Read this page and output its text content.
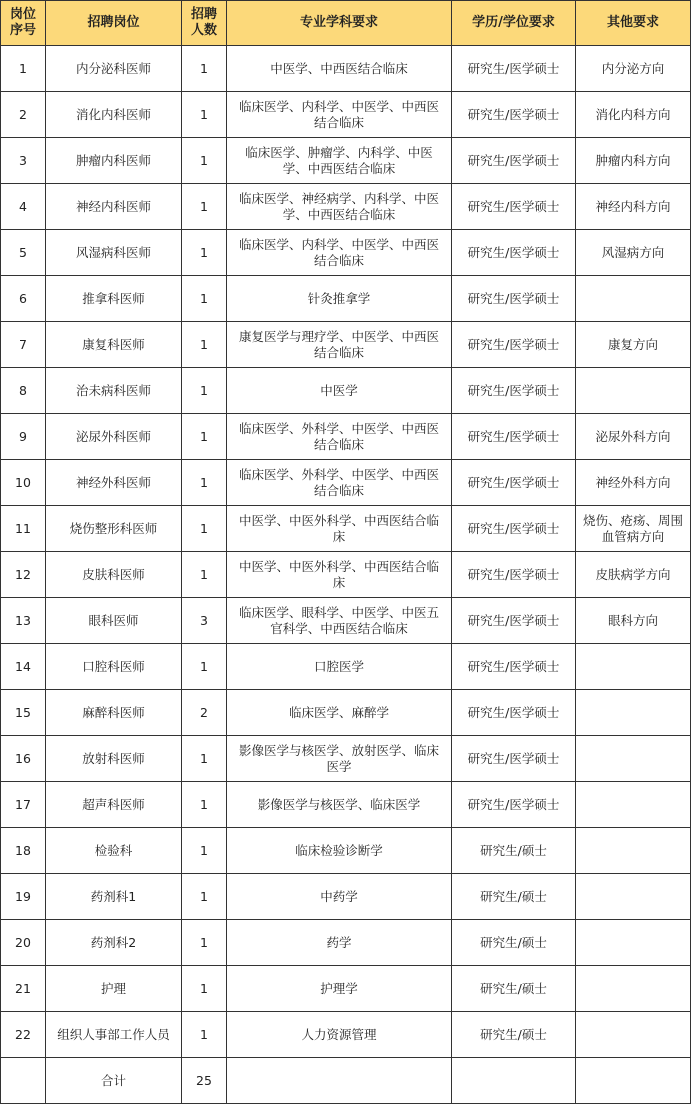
岗位序号	招聘岗位	招聘人数	专业学科要求	学历/学位要求	其他要求
1	内分泌科医师	1	中医学、中西医结合临床	研究生/医学硕士	内分泌方向
2	消化内科医师	1	临床医学、内科学、中医学、中西医结合临床	研究生/医学硕士	消化内科方向
3	肿瘤内科医师	1	临床医学、肿瘤学、内科学、中医学、中西医结合临床	研究生/医学硕士	肿瘤内科方向
4	神经内科医师	1	临床医学、神经病学、内科学、中医学、中西医结合临床	研究生/医学硕士	神经内科方向
5	风湿病科医师	1	临床医学、内科学、中医学、中西医结合临床	研究生/医学硕士	风湿病方向
6	推拿科医师	1	针灸推拿学	研究生/医学硕士	
7	康复科医师	1	康复医学与理疗学、中医学、中西医结合临床	研究生/医学硕士	康复方向
8	治未病科医师	1	中医学	研究生/医学硕士	
9	泌尿外科医师	1	临床医学、外科学、中医学、中西医结合临床	研究生/医学硕士	泌尿外科方向
10	神经外科医师	1	临床医学、外科学、中医学、中西医结合临床	研究生/医学硕士	神经外科方向
11	烧伤整形科医师	1	中医学、中医外科学、中西医结合临床	研究生/医学硕士	烧伤、疮疡、周围血管病方向
12	皮肤科医师	1	中医学、中医外科学、中西医结合临床	研究生/医学硕士	皮肤病学方向
13	眼科医师	3	临床医学、眼科学、中医学、中医五官科学、中西医结合临床	研究生/医学硕士	眼科方向
14	口腔科医师	1	口腔医学	研究生/医学硕士	
15	麻醉科医师	2	临床医学、麻醉学	研究生/医学硕士	
16	放射科医师	1	影像医学与核医学、放射医学、临床医学	研究生/医学硕士	
17	超声科医师	1	影像医学与核医学、临床医学	研究生/医学硕士	
18	检验科	1	临床检验诊断学	研究生/硕士	
19	药剂科1	1	中药学	研究生/硕士	
20	药剂科2	1	药学	研究生/硕士	
21	护理	1	护理学	研究生/硕士	
22	组织人事部工作人员	1	人力资源管理	研究生/硕士	
	合计	25			
